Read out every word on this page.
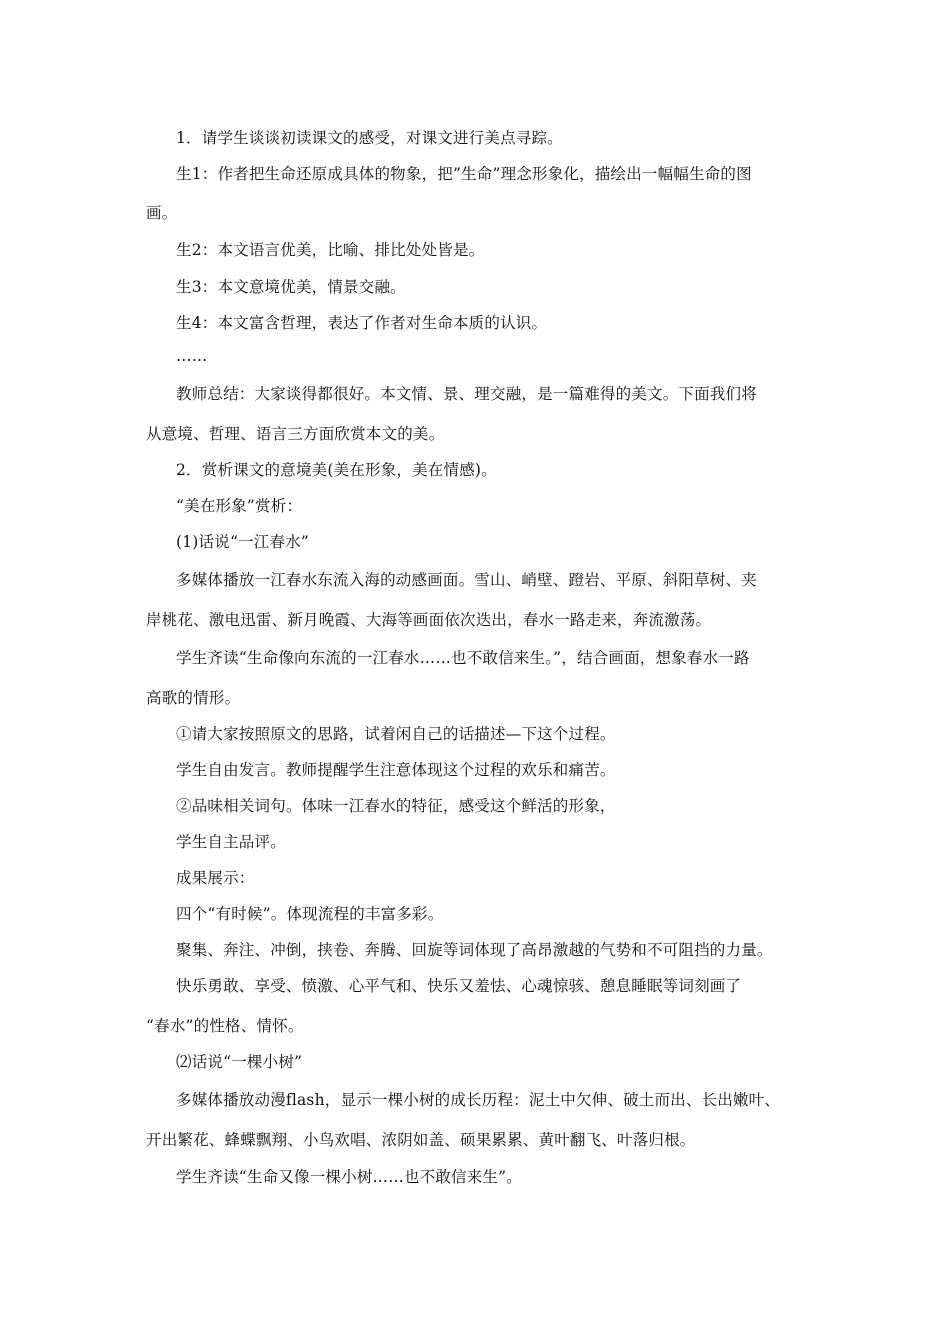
1．请学生谈谈初读课文的感受，对课文进行美点寻踪。
生1：作者把生命还原成具体的物象，把”生命”理念形象化，描绘出一幅幅生命的图
画。
生2：本文语言优美，比喻、排比处处皆是。
生3：本文意境优美，情景交融。
生4：本文富含哲理，表达了作者对生命本质的认识。
……
教师总结：大家谈得都很好。本文情、景、理交融，是一篇难得的美文。下面我们将
从意境、哲理、语言三方面欣赏本文的美。
2．赏析课文的意境美(美在形象，美在情感)。
“美在形象”赏析：
(1)话说“一江春水”
多媒体播放一江春水东流入海的动感画面。雪山、峭壁、蹬岩、平原、斜阳草树、夹
岸桃花、激电迅雷、新月晚霞、大海等画面依次迭出，春水一路走来，奔流激荡。
学生齐读“生命像向东流的一江春水……也不敢信来生。”，结合画面，想象春水一路
高歌的情形。
①请大家按照原文的思路，试着闲自己的话描述—下这个过程。
学生自由发言。教师提醒学生注意体现这个过程的欢乐和痛苦。
②品味相关词句。体味一江春水的特征，感受这个鲜活的形象，
学生自主品评。
成果展示：
四个“有时候”。体现流程的丰富多彩。
聚集、奔注、冲倒，挟卷、奔腾、回旋等词体现了高昂激越的气势和不可阻挡的力量。
快乐勇敢、享受、愤激、心平气和、快乐又羞怯、心魂惊骇、憩息睡眠等词刻画了
“春水”的性格、情怀。
⑵话说“一棵小树”
多媒体播放动漫flash，显示一棵小树的成长历程：泥土中欠伸、破土而出、长出嫩叶、
开出繁花、蜂蝶飘翔、小鸟欢唱、浓阴如盖、硕果累累、黄叶翻飞、叶落归根。
学生齐读“生命又像一棵小树……也不敢信来生”。
